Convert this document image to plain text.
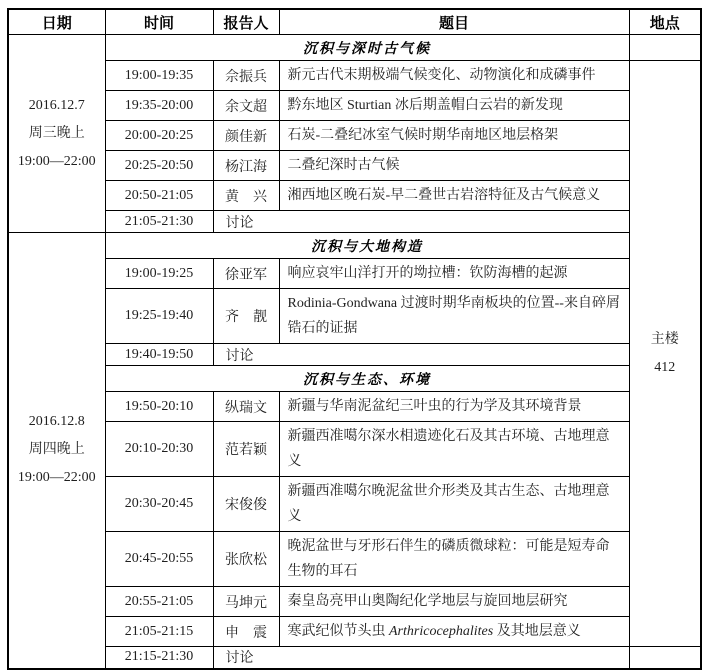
日期	时间	报告人	题目	地点

2016.12.7
周三晚上
19:00—22:00	沉积与深时古气候			
	19:00-19:35	佘振兵	新元古代末期极端气候变化、动物演化和成磷事件	主楼
412

	19:35-20:00	余文超	黔东地区 Sturtian 冰后期盖帽白云岩的新发现	
	20:00-20:25	颜佳新	石炭-二叠纪冰室气候时期华南地区地层格架	
	20:25-20:50	杨江海	二叠纪深时古气候	
	20:50-21:05	黄　兴	湘西地区晚石炭-早二叠世古岩溶特征及古气候意义	
	21:05-21:30	讨论		

2016.12.8
周四晚上
19:00—22:00	沉积与大地构造			
	19:00-19:25	徐亚军	响应哀牢山洋打开的坳拉槽：钦防海槽的起源	
	19:25-19:40	齐　靓	Rodinia-Gondwana 过渡时期华南板块的位置--来自碎屑锆石的证据	
	19:40-19:50	讨论		
	沉积与生态、环境			
	19:50-20:10	纵瑞文	新疆与华南泥盆纪三叶虫的行为学及其环境背景	
	20:10-20:30	范若颖	新疆西准噶尔深水相遗迹化石及其古环境、古地理意义	
	20:30-20:45	宋俊俊	新疆西准噶尔晚泥盆世介形类及其古生态、古地理意义	
	20:45-20:55	张欣松	晚泥盆世与牙形石伴生的磷质微球粒：可能是短寿命生物的耳石	
	20:55-21:05	马坤元	秦皇岛亮甲山奥陶纪化学地层与旋回地层研究	
	21:05-21:15	申　震	寒武纪似节头虫 Arthricocephalites 及其地层意义	
	21:15-21:30	讨论		
